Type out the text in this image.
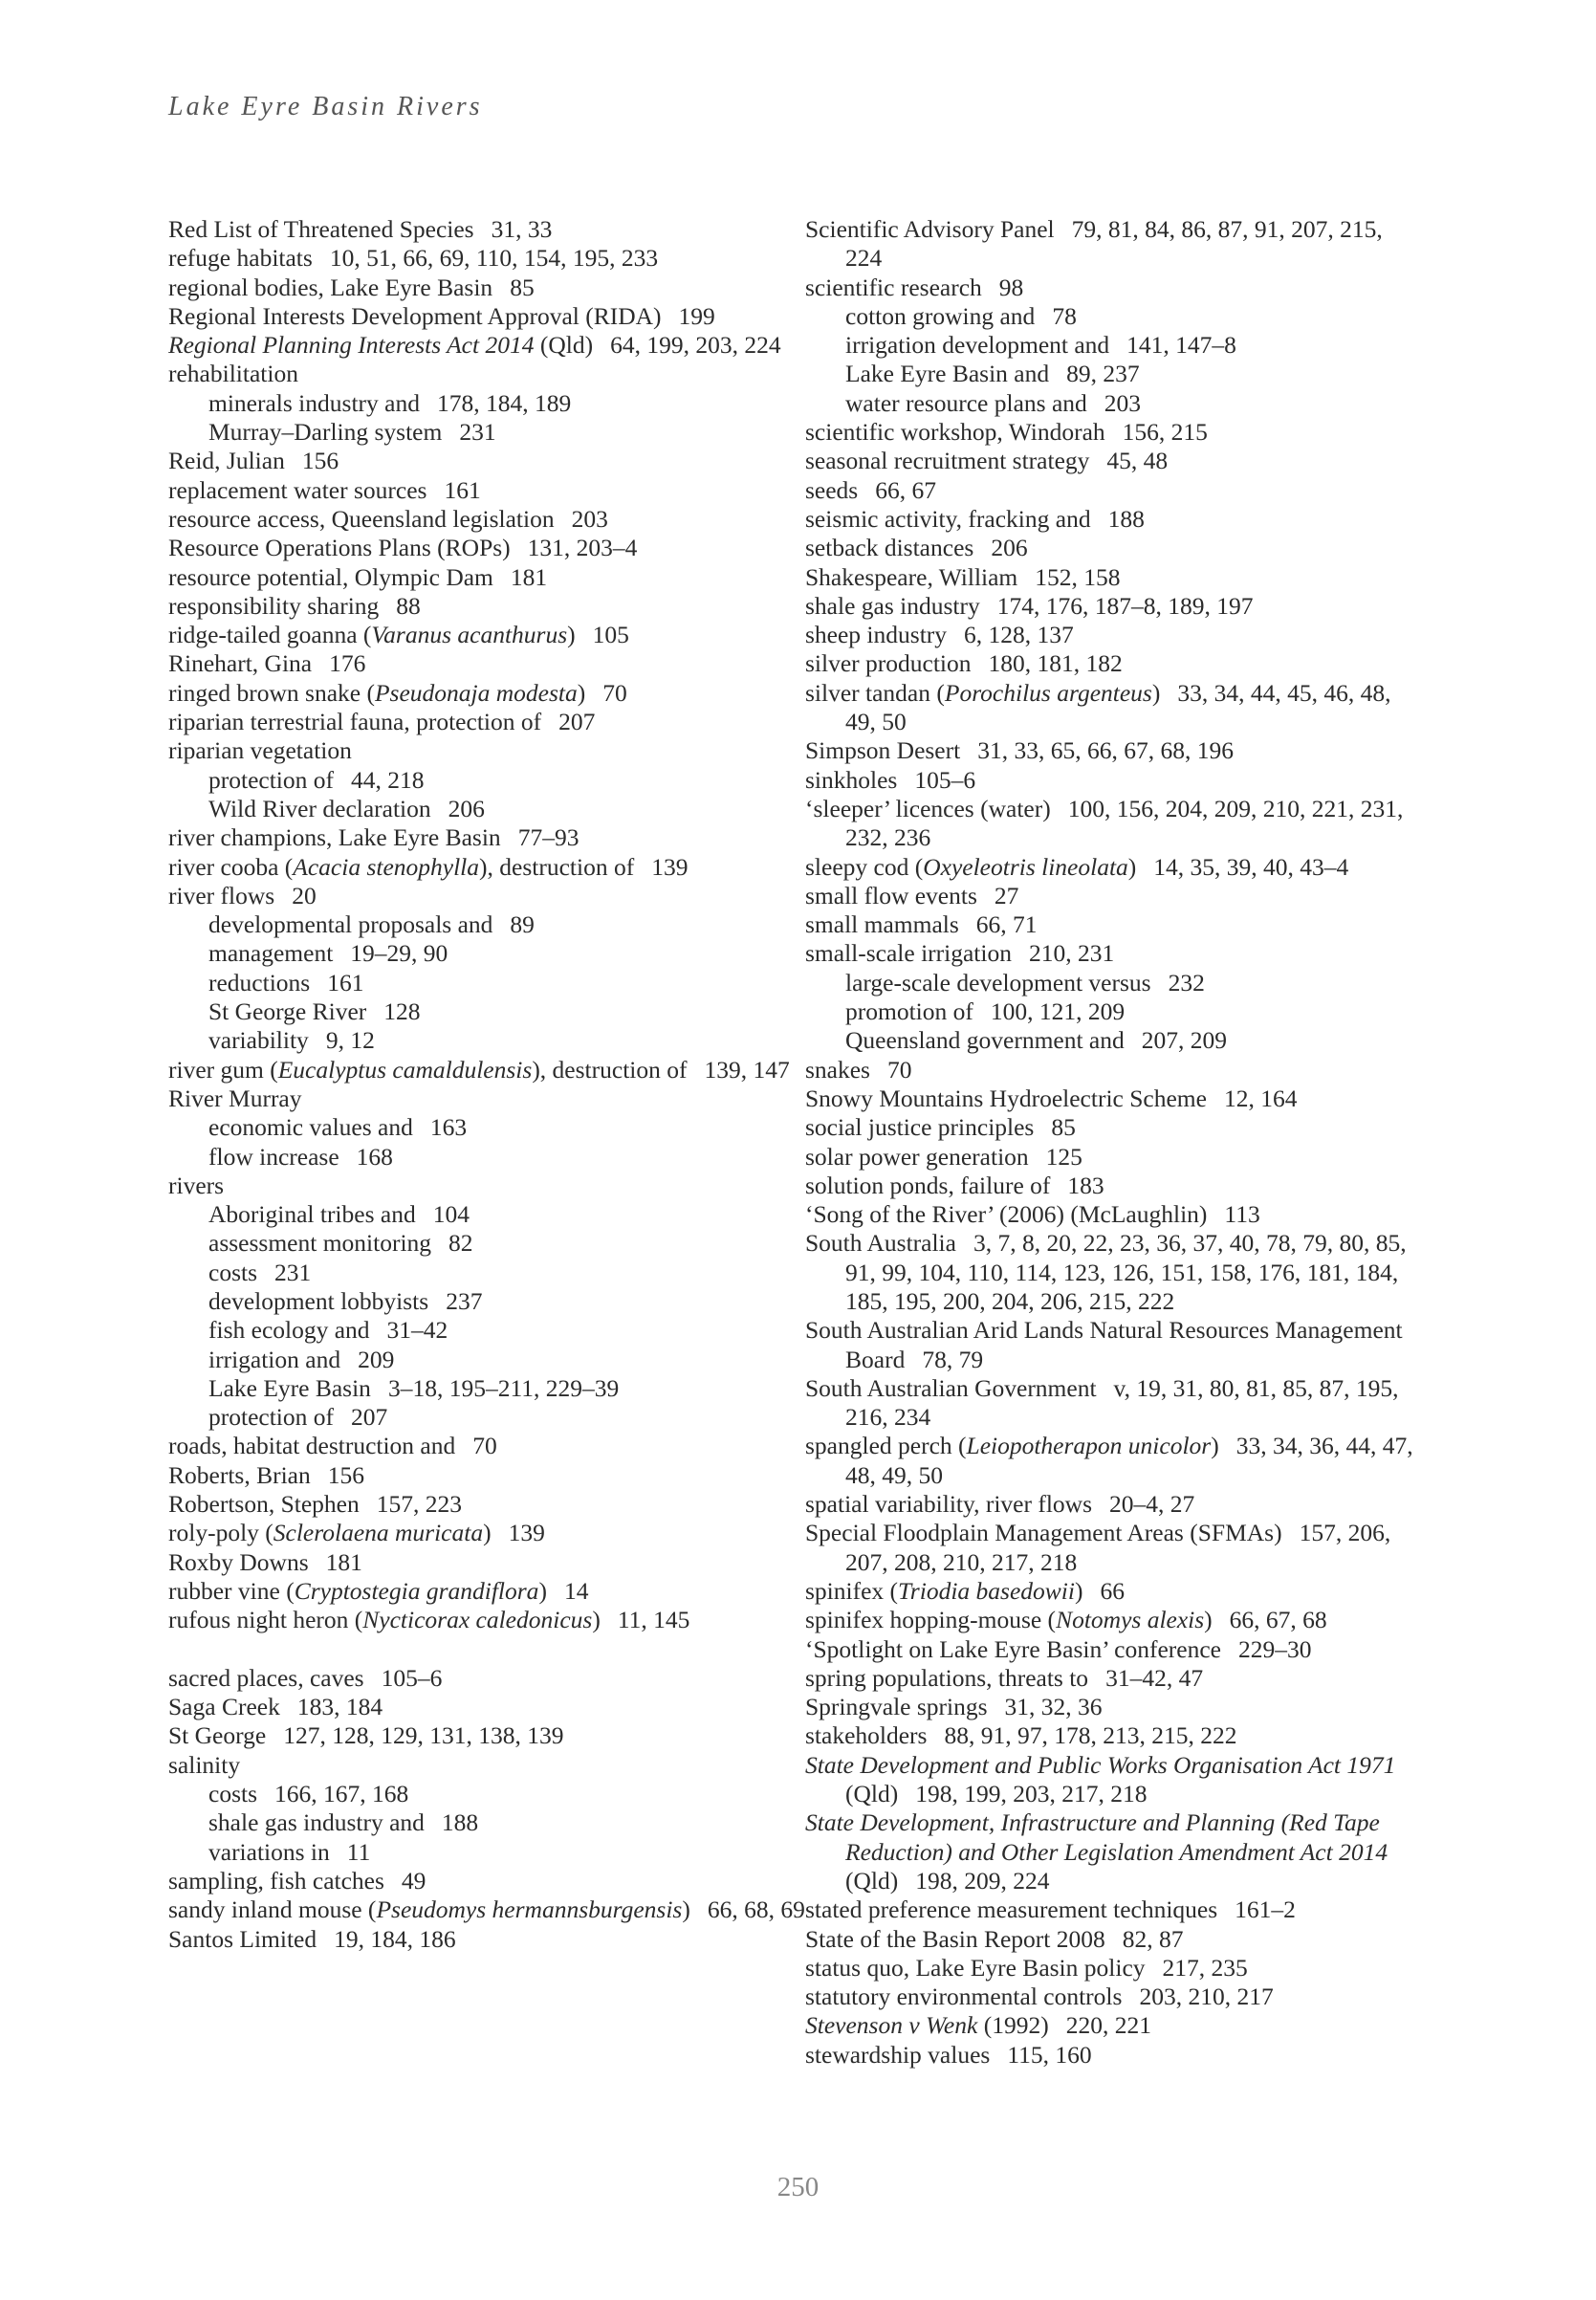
Lake Eyre Basin Rivers
Red List of Threatened Species 31, 33
refuge habitats 10, 51, 66, 69, 110, 154, 195, 233
regional bodies, Lake Eyre Basin 85
Regional Interests Development Approval (RIDA) 199
Regional Planning Interests Act 2014 (Qld) 64, 199, 203, 224
rehabilitation
minerals industry and 178, 184, 189
Murray–Darling system 231
Reid, Julian 156
replacement water sources 161
resource access, Queensland legislation 203
Resource Operations Plans (ROPs) 131, 203–4
resource potential, Olympic Dam 181
responsibility sharing 88
ridge-tailed goanna (Varanus acanthurus) 105
Rinehart, Gina 176
ringed brown snake (Pseudonaja modesta) 70
riparian terrestrial fauna, protection of 207
riparian vegetation
protection of 44, 218
Wild River declaration 206
river champions, Lake Eyre Basin 77–93
river cooba (Acacia stenophylla), destruction of 139
river flows 20
developmental proposals and 89
management 19–29, 90
reductions 161
St George River 128
variability 9, 12
river gum (Eucalyptus camaldulensis), destruction of 139, 147
River Murray
economic values and 163
flow increase 168
rivers
Aboriginal tribes and 104
assessment monitoring 82
costs 231
development lobbyists 237
fish ecology and 31–42
irrigation and 209
Lake Eyre Basin 3–18, 195–211, 229–39
protection of 207
roads, habitat destruction and 70
Roberts, Brian 156
Robertson, Stephen 157, 223
roly-poly (Sclerolaena muricata) 139
Roxby Downs 181
rubber vine (Cryptostegia grandiflora) 14
rufous night heron (Nycticorax caledonicus) 11, 145
sacred places, caves 105–6
Saga Creek 183, 184
St George 127, 128, 129, 131, 138, 139
salinity
costs 166, 167, 168
shale gas industry and 188
variations in 11
sampling, fish catches 49
sandy inland mouse (Pseudomys hermannsburgensis) 66, 68, 69
Santos Limited 19, 184, 186
Scientific Advisory Panel 79, 81, 84, 86, 87, 91, 207, 215, 224
scientific research 98
cotton growing and 78
irrigation development and 141, 147–8
Lake Eyre Basin and 89, 237
water resource plans and 203
scientific workshop, Windorah 156, 215
seasonal recruitment strategy 45, 48
seeds 66, 67
seismic activity, fracking and 188
setback distances 206
Shakespeare, William 152, 158
shale gas industry 174, 176, 187–8, 189, 197
sheep industry 6, 128, 137
silver production 180, 181, 182
silver tandan (Porochilus argenteus) 33, 34, 44, 45, 46, 48, 49, 50
Simpson Desert 31, 33, 65, 66, 67, 68, 196
sinkholes 105–6
‘sleeper’ licences (water) 100, 156, 204, 209, 210, 221, 231, 232, 236
sleepy cod (Oxyeleotris lineolata) 14, 35, 39, 40, 43–4
small flow events 27
small mammals 66, 71
small-scale irrigation 210, 231
large-scale development versus 232
promotion of 100, 121, 209
Queensland government and 207, 209
snakes 70
Snowy Mountains Hydroelectric Scheme 12, 164
social justice principles 85
solar power generation 125
solution ponds, failure of 183
‘Song of the River’ (2006) (McLaughlin) 113
South Australia 3, 7, 8, 20, 22, 23, 36, 37, 40, 78, 79, 80, 85, 91, 99, 104, 110, 114, 123, 126, 151, 158, 176, 181, 184, 185, 195, 200, 204, 206, 215, 222
South Australian Arid Lands Natural Resources Management Board 78, 79
South Australian Government v, 19, 31, 80, 81, 85, 87, 195, 216, 234
spangled perch (Leiopotherapon unicolor) 33, 34, 36, 44, 47, 48, 49, 50
spatial variability, river flows 20–4, 27
Special Floodplain Management Areas (SFMAs) 157, 206, 207, 208, 210, 217, 218
spinifex (Triodia basedowii) 66
spinifex hopping-mouse (Notomys alexis) 66, 67, 68
‘Spotlight on Lake Eyre Basin’ conference 229–30
spring populations, threats to 31–42, 47
Springvale springs 31, 32, 36
stakeholders 88, 91, 97, 178, 213, 215, 222
State Development and Public Works Organisation Act 1971 (Qld) 198, 199, 203, 217, 218
State Development, Infrastructure and Planning (Red Tape Reduction) and Other Legislation Amendment Act 2014 (Qld) 198, 209, 224
stated preference measurement techniques 161–2
State of the Basin Report 2008 82, 87
status quo, Lake Eyre Basin policy 217, 235
statutory environmental controls 203, 210, 217
Stevenson v Wenk (1992) 220, 221
stewardship values 115, 160
250
